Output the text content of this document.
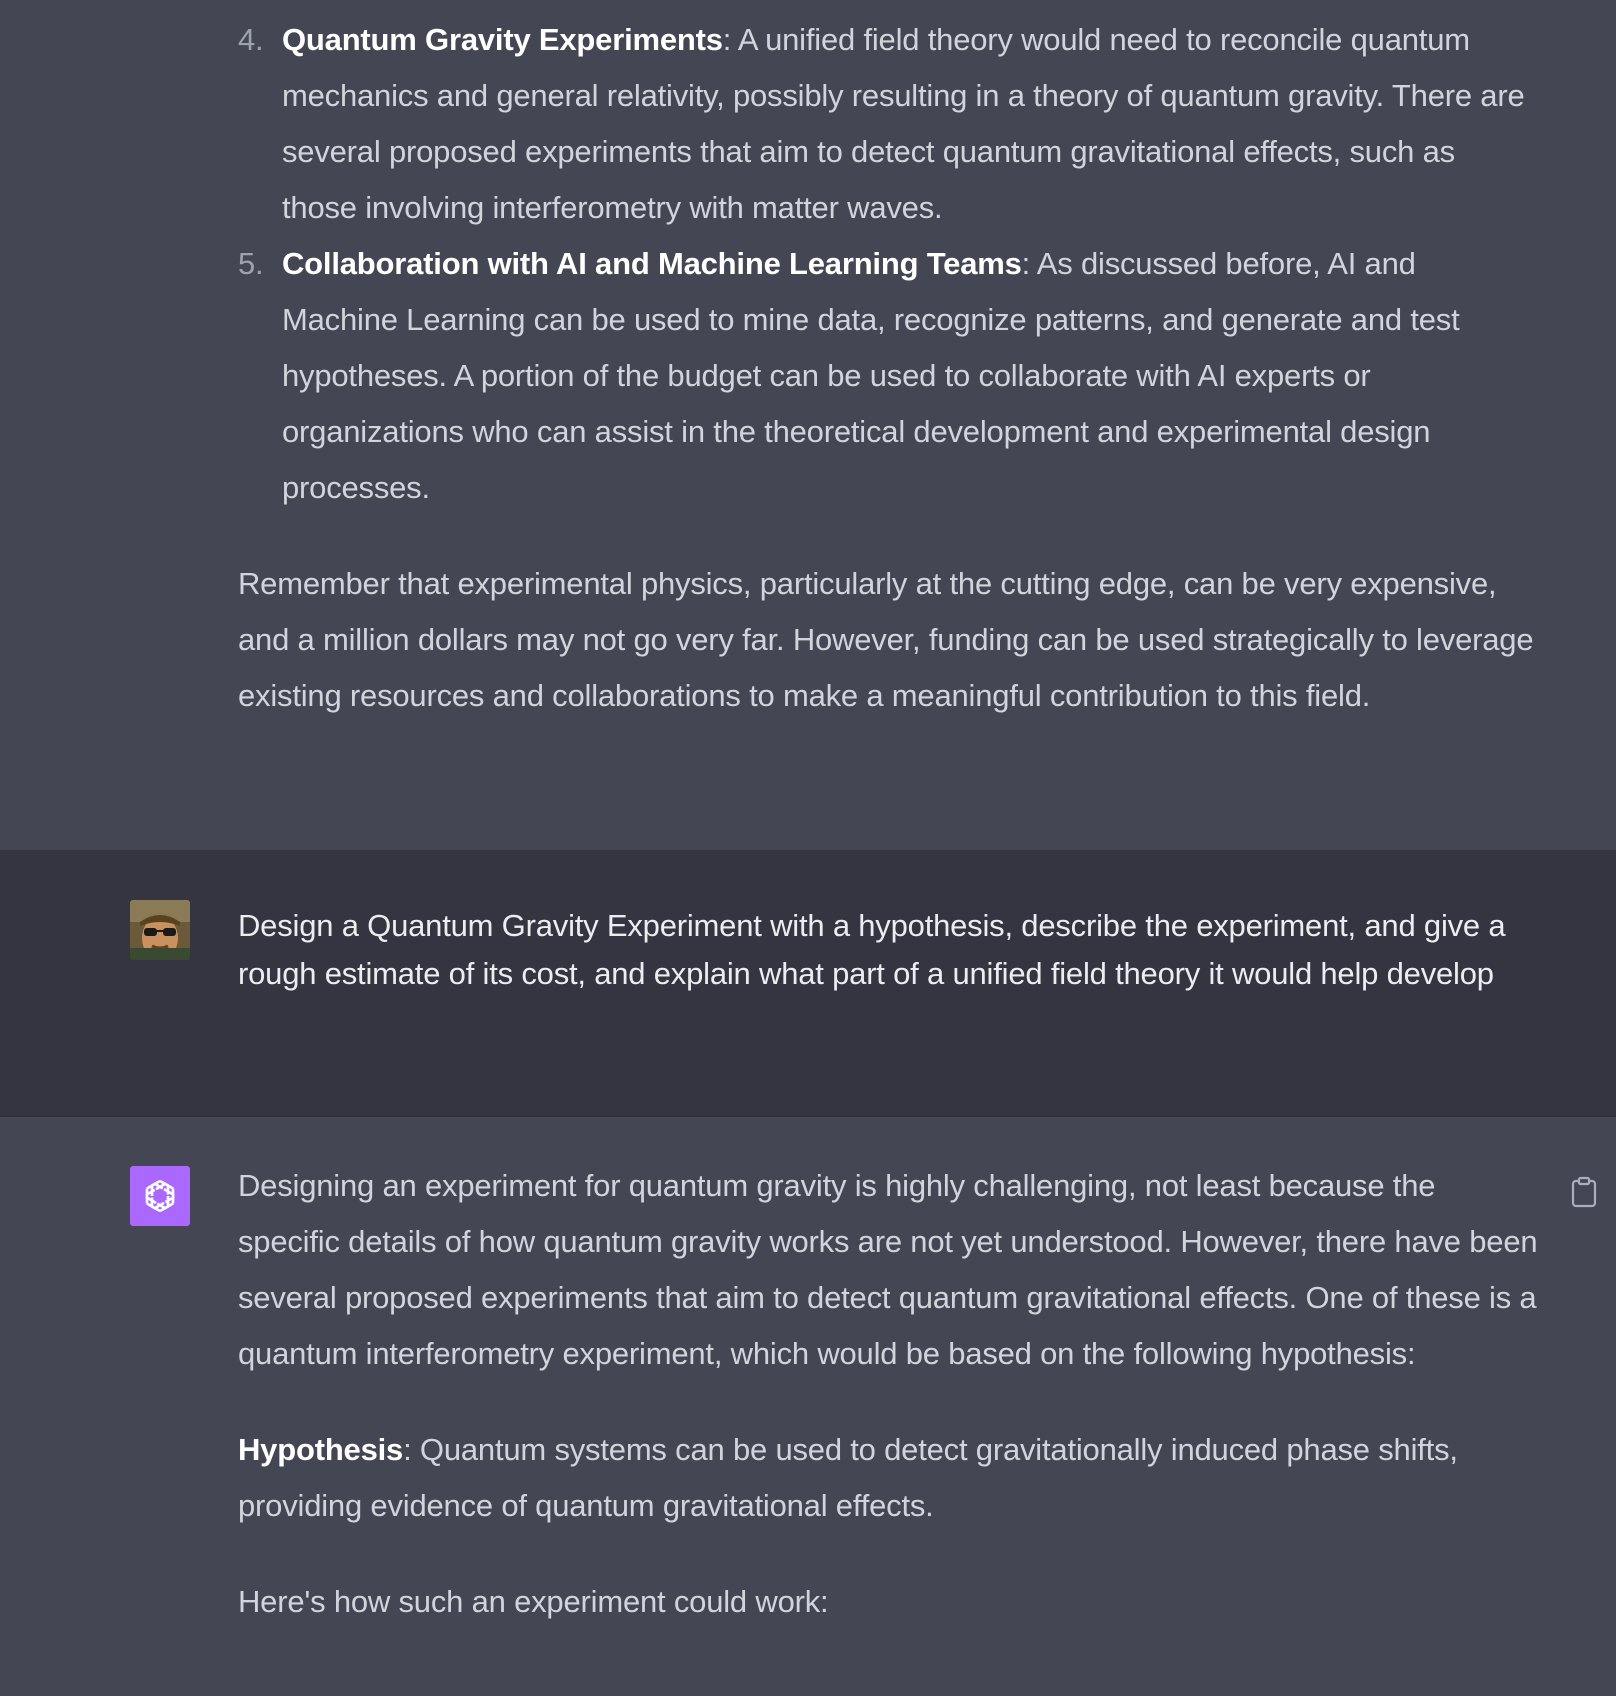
4. Quantum Gravity Experiments: A unified field theory would need to reconcile quantum mechanics and general relativity, possibly resulting in a theory of quantum gravity. There are several proposed experiments that aim to detect quantum gravitational effects, such as those involving interferometry with matter waves.
5. Collaboration with AI and Machine Learning Teams: As discussed before, AI and Machine Learning can be used to mine data, recognize patterns, and generate and test hypotheses. A portion of the budget can be used to collaborate with AI experts or organizations who can assist in the theoretical development and experimental design processes.

Remember that experimental physics, particularly at the cutting edge, can be very expensive, and a million dollars may not go very far. However, funding can be used strategically to leverage existing resources and collaborations to make a meaningful contribution to this field.

Design a Quantum Gravity Experiment with a hypothesis, describe the experiment, and give a rough estimate of its cost, and explain what part of a unified field theory it would help develop

Designing an experiment for quantum gravity is highly challenging, not least because the specific details of how quantum gravity works are not yet understood. However, there have been several proposed experiments that aim to detect quantum gravitational effects. One of these is a quantum interferometry experiment, which would be based on the following hypothesis:

Hypothesis: Quantum systems can be used to detect gravitationally induced phase shifts, providing evidence of quantum gravitational effects.

Here's how such an experiment could work:
